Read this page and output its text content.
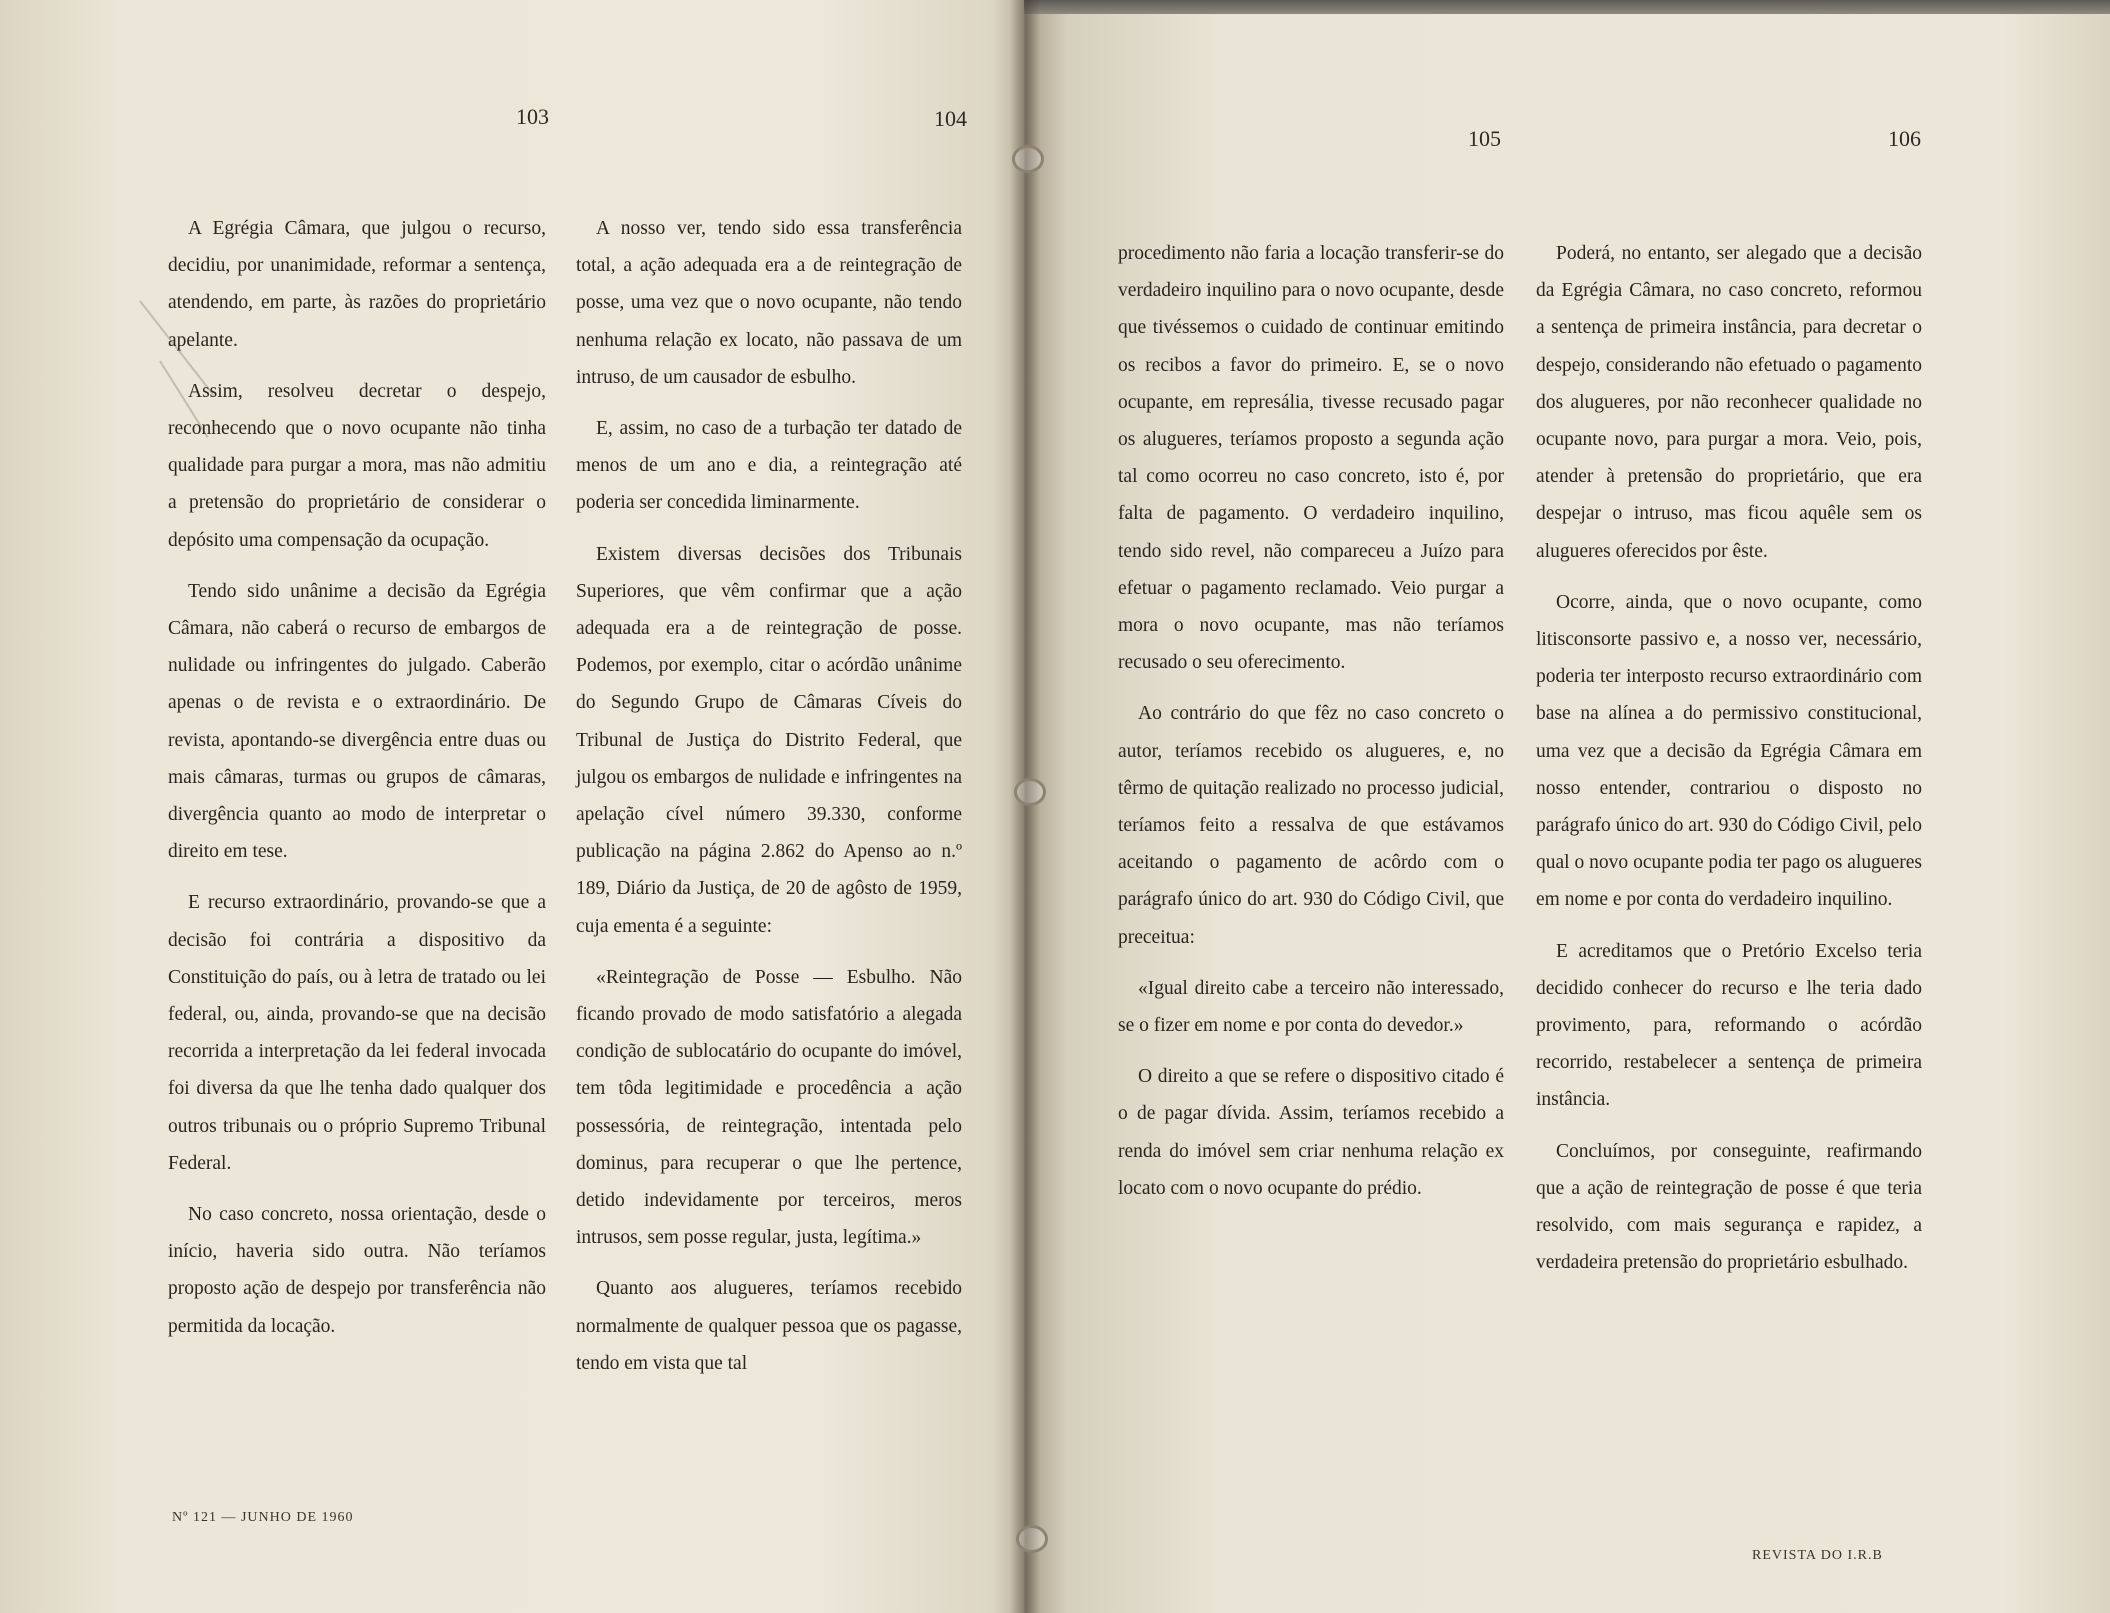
103	104
105	106

A Egrégia Câmara, que julgou o recurso, decidiu, por unanimidade, reformar a sentença, atendendo, em parte, às razões do proprietário apelante.

Assim, resolveu decretar o despejo, reconhecendo que o novo ocupante não tinha qualidade para purgar a mora, mas não admitiu a pretensão do proprietário de considerar o depósito uma compensação da ocupação.

Tendo sido unânime a decisão da Egrégia Câmara, não caberá o recurso de embargos de nulidade ou infringentes do julgado. Caberão apenas o de revista e o extraordinário. De revista, apontando-se divergência entre duas ou mais câmaras, turmas ou grupos de câmaras, divergência quanto ao modo de interpretar o direito em tese.

E recurso extraordinário, provando-se que a decisão foi contrária a dispositivo da Constituição do país, ou à letra de tratado ou lei federal, ou, ainda, provando-se que na decisão recorrida a interpretação da lei federal invocada foi diversa da que lhe tenha dado qualquer dos outros tribunais ou o próprio Supremo Tribunal Federal.

No caso concreto, nossa orientação, desde o início, haveria sido outra. Não teríamos proposto ação de despejo por transferência não permitida da locação.

A nosso ver, tendo sido essa transferência total, a ação adequada era a de reintegração de posse, uma vez que o novo ocupante, não tendo nenhuma relação ex locato, não passava de um intruso, de um causador de esbulho.

E, assim, no caso de a turbação ter datado de menos de um ano e dia, a reintegração até poderia ser concedida liminarmente.

Existem diversas decisões dos Tribunais Superiores, que vêm confirmar que a ação adequada era a de reintegração de posse. Podemos, por exemplo, citar o acórdão unânime do Segundo Grupo de Câmaras Cíveis do Tribunal de Justiça do Distrito Federal, que julgou os embargos de nulidade e infringentes na apelação cível número 39.330, conforme publicação na página 2.862 do Apenso ao n.º 189, Diário da Justiça, de 20 de agôsto de 1959, cuja ementa é a seguinte:

«Reintegração de Posse — Esbulho. Não ficando provado de modo satisfatório a alegada condição de sublocatário do ocupante do imóvel, tem tôda legitimidade e procedência a ação possessória, de reintegração, intentada pelo dominus, para recuperar o que lhe pertence, detido indevidamente por terceiros, meros intrusos, sem posse regular, justa, legítima.»

Quanto aos alugueres, teríamos recebido normalmente de qualquer pessoa que os pagasse, tendo em vista que tal

procedimento não faria a locação transferir-se do verdadeiro inquilino para o novo ocupante, desde que tivéssemos o cuidado de continuar emitindo os recibos a favor do primeiro. E, se o novo ocupante, em represália, tivesse recusado pagar os alugueres, teríamos proposto a segunda ação tal como ocorreu no caso concreto, isto é, por falta de pagamento. O verdadeiro inquilino, tendo sido revel, não compareceu a Juízo para efetuar o pagamento reclamado. Veio purgar a mora o novo ocupante, mas não teríamos recusado o seu oferecimento.

Ao contrário do que fêz no caso concreto o autor, teríamos recebido os alugueres, e, no têrmo de quitação realizado no processo judicial, teríamos feito a ressalva de que estávamos aceitando o pagamento de acôrdo com o parágrafo único do art. 930 do Código Civil, que preceitua:

«Igual direito cabe a terceiro não interessado, se o fizer em nome e por conta do devedor.»

O direito a que se refere o dispositivo citado é o de pagar dívida. Assim, teríamos recebido a renda do imóvel sem criar nenhuma relação ex locato com o novo ocupante do prédio.

Poderá, no entanto, ser alegado que a decisão da Egrégia Câmara, no caso concreto, reformou a sentença de primeira instância, para decretar o despejo, considerando não efetuado o pagamento dos alugueres, por não reconhecer qualidade no ocupante novo, para purgar a mora. Veio, pois, atender à pretensão do proprietário, que era despejar o intruso, mas ficou aquêle sem os alugueres oferecidos por êste.

Ocorre, ainda, que o novo ocupante, como litisconsorte passivo e, a nosso ver, necessário, poderia ter interposto recurso extraordinário com base na alínea a do permissivo constitucional, uma vez que a decisão da Egrégia Câmara em nosso entender, contrariou o disposto no parágrafo único do art. 930 do Código Civil, pelo qual o novo ocupante podia ter pago os alugueres em nome e por conta do verdadeiro inquilino.

E acreditamos que o Pretório Excelso teria decidido conhecer do recurso e lhe teria dado provimento, para, reformando o acórdão recorrido, restabelecer a sentença de primeira instância.

Concluímos, por conseguinte, reafirmando que a ação de reintegração de posse é que teria resolvido, com mais segurança e rapidez, a verdadeira pretensão do proprietário esbulhado.

Nº 121 — JUNHO DE 1960
REVISTA DO I.R.B
